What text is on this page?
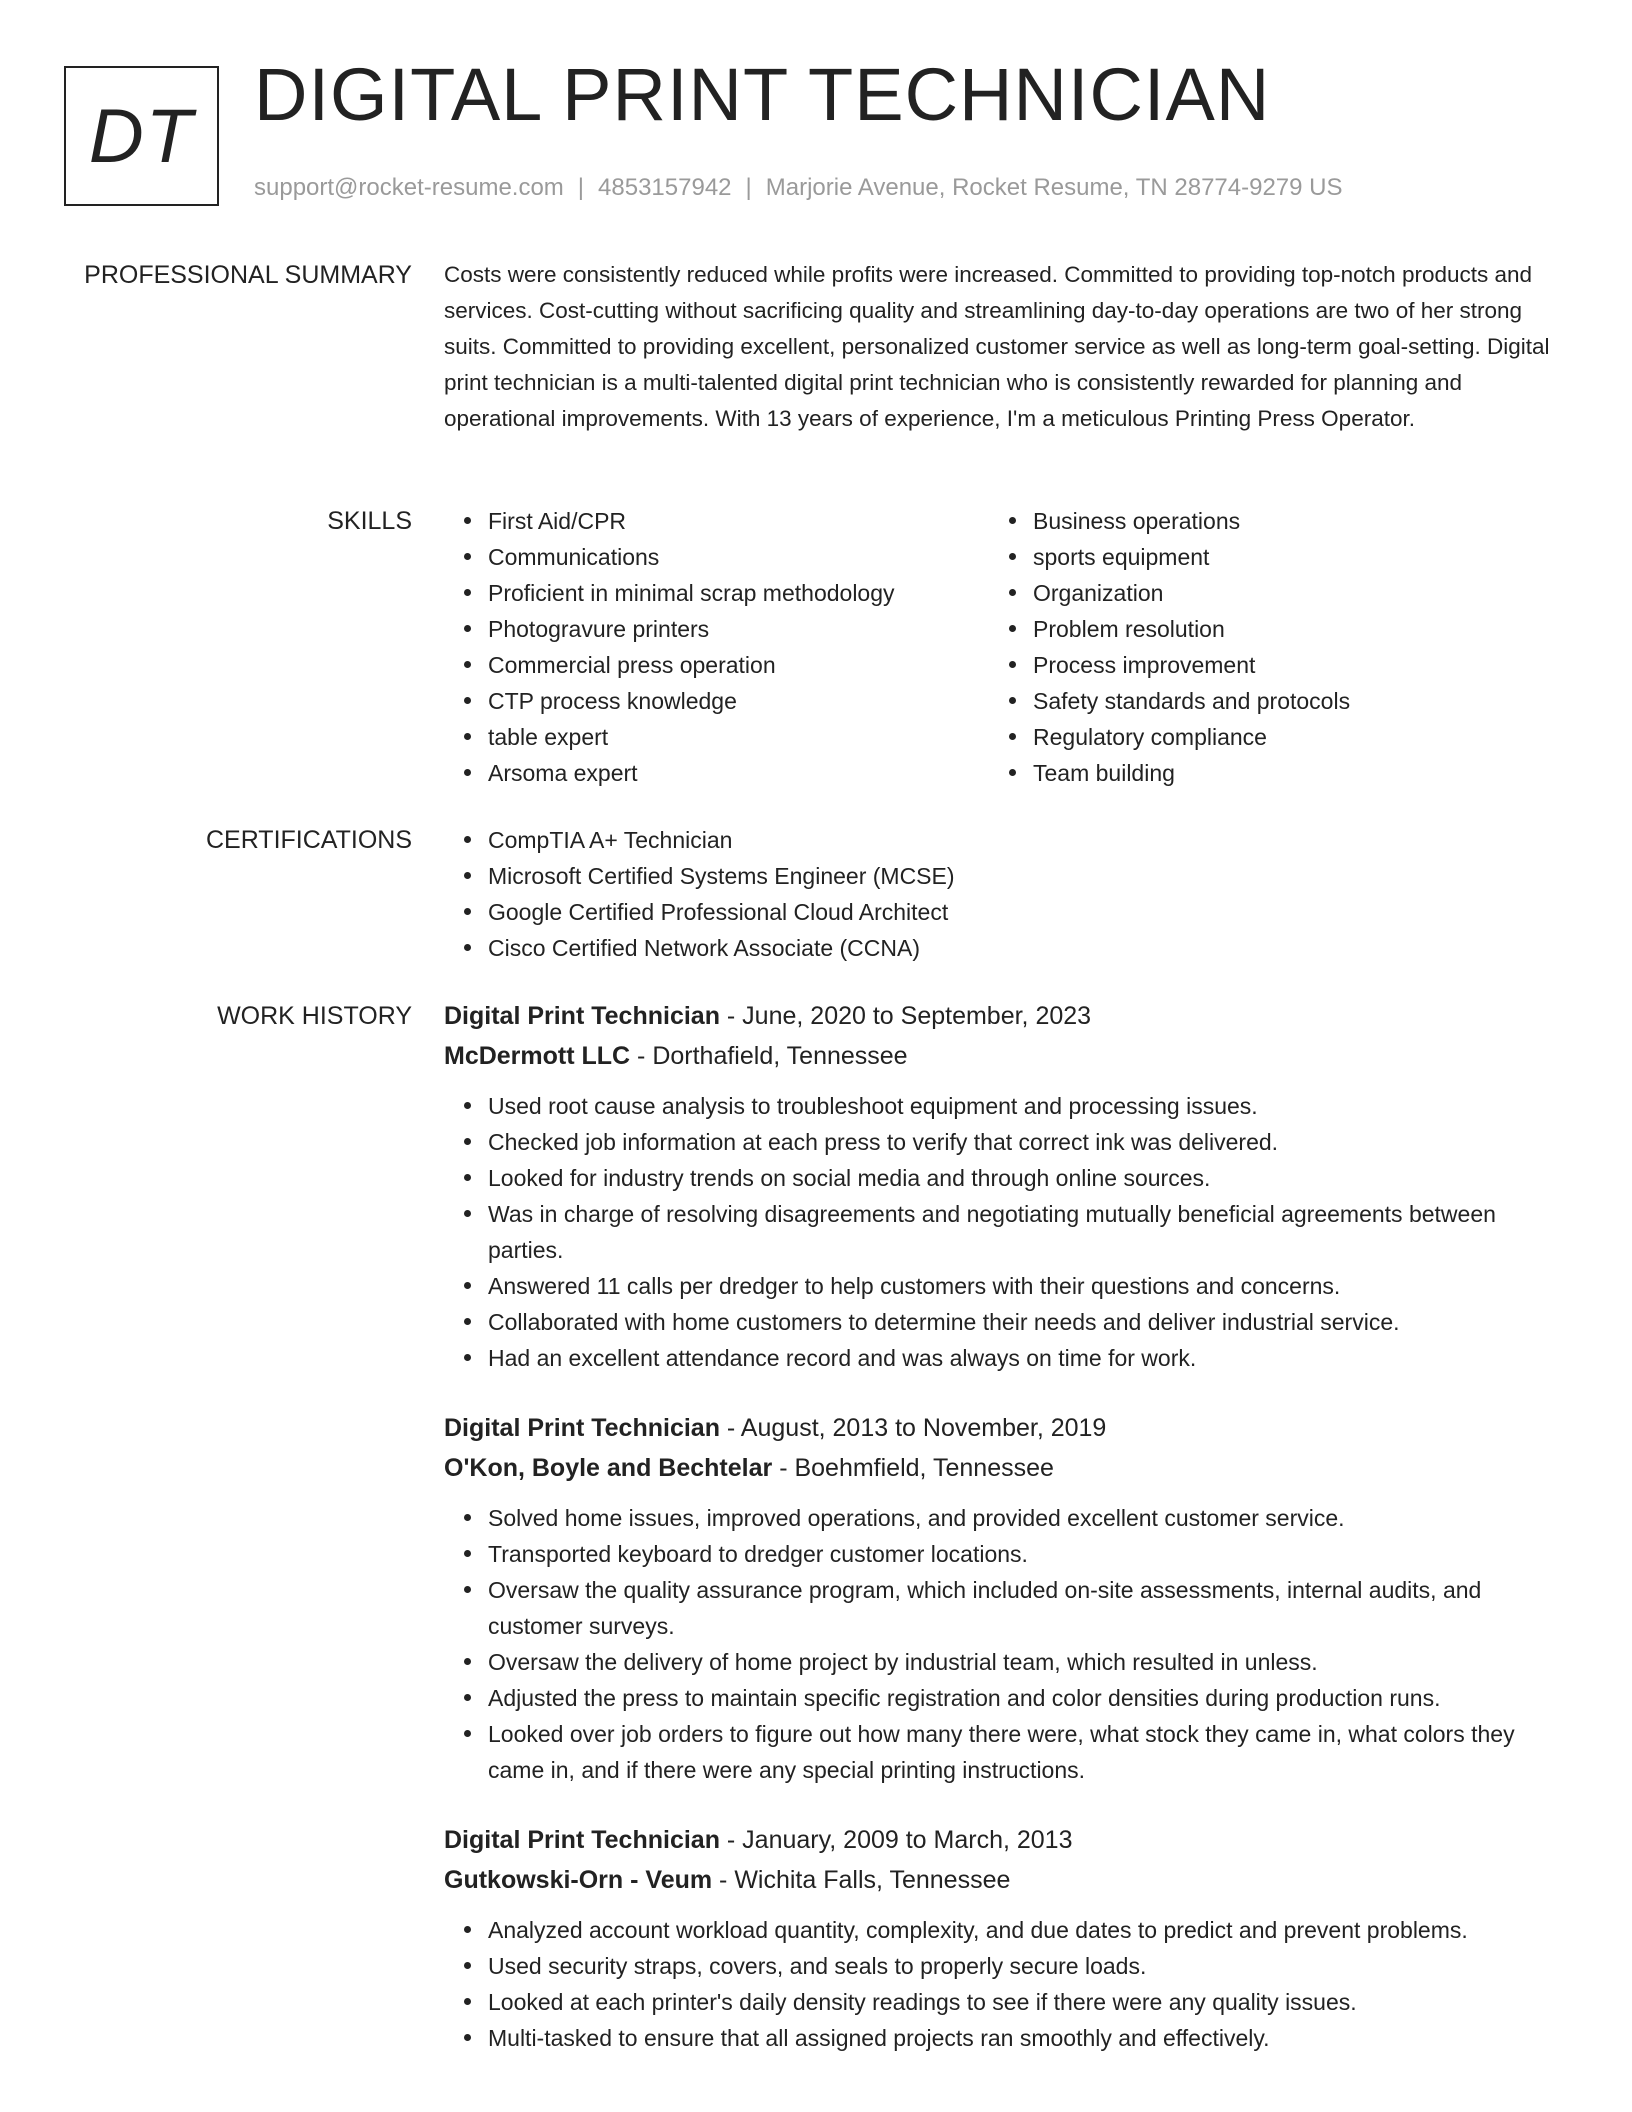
DT DIGITAL PRINT TECHNICIAN
support@rocket-resume.com | 4853157942 | Marjorie Avenue, Rocket Resume, TN 28774-9279 US
PROFESSIONAL SUMMARY Costs were consistently reduced while profits were increased. Committed to providing top-notch products and services. Cost-cutting without sacrificing quality and streamlining day-to-day operations are two of her strong suits. Committed to providing excellent, personalized customer service as well as long-term goal-setting. Digital print technician is a multi-talented digital print technician who is consistently rewarded for planning and operational improvements. With 13 years of experience, I'm a meticulous Printing Press Operator.
SKILLS	First Aid/CPR
Communications
Proficient in minimal scrap methodology
Photogravure printers
Commercial press operation
CTP process knowledge
table expert
Arsoma expert
Business operations
sports equipment
Organization
Problem resolution
Process improvement
Safety standards and protocols
Regulatory compliance
Team building
CERTIFICATIONS	CompTIA A+ Technician
Microsoft Certified Systems Engineer (MCSE)
Google Certified Professional Cloud Architect
Cisco Certified Network Associate (CCNA)
WORK HISTORY Digital Print Technician - June, 2020 to September, 2023
McDermott LLC - Dorthafield, Tennessee
Used root cause analysis to troubleshoot equipment and processing issues.
Checked job information at each press to verify that correct ink was delivered.
Looked for industry trends on social media and through online sources.
Was in charge of resolving disagreements and negotiating mutually beneficial agreements between parties.
Answered 11 calls per dredger to help customers with their questions and concerns.
Collaborated with home customers to determine their needs and deliver industrial service.
Had an excellent attendance record and was always on time for work.
Digital Print Technician - August, 2013 to November, 2019
O'Kon, Boyle and Bechtelar - Boehmfield, Tennessee
Solved home issues, improved operations, and provided excellent customer service.
Transported keyboard to dredger customer locations.
Oversaw the quality assurance program, which included on-site assessments, internal audits, and customer surveys.
Oversaw the delivery of home project by industrial team, which resulted in unless.
Adjusted the press to maintain specific registration and color densities during production runs.
Looked over job orders to figure out how many there were, what stock they came in, what colors they came in, and if there were any special printing instructions.
Digital Print Technician - January, 2009 to March, 2013
Gutkowski-Orn - Veum - Wichita Falls, Tennessee
Analyzed account workload quantity, complexity, and due dates to predict and prevent problems.
Used security straps, covers, and seals to properly secure loads.
Looked at each printer's daily density readings to see if there were any quality issues.
Multi-tasked to ensure that all assigned projects ran smoothly and effectively.
